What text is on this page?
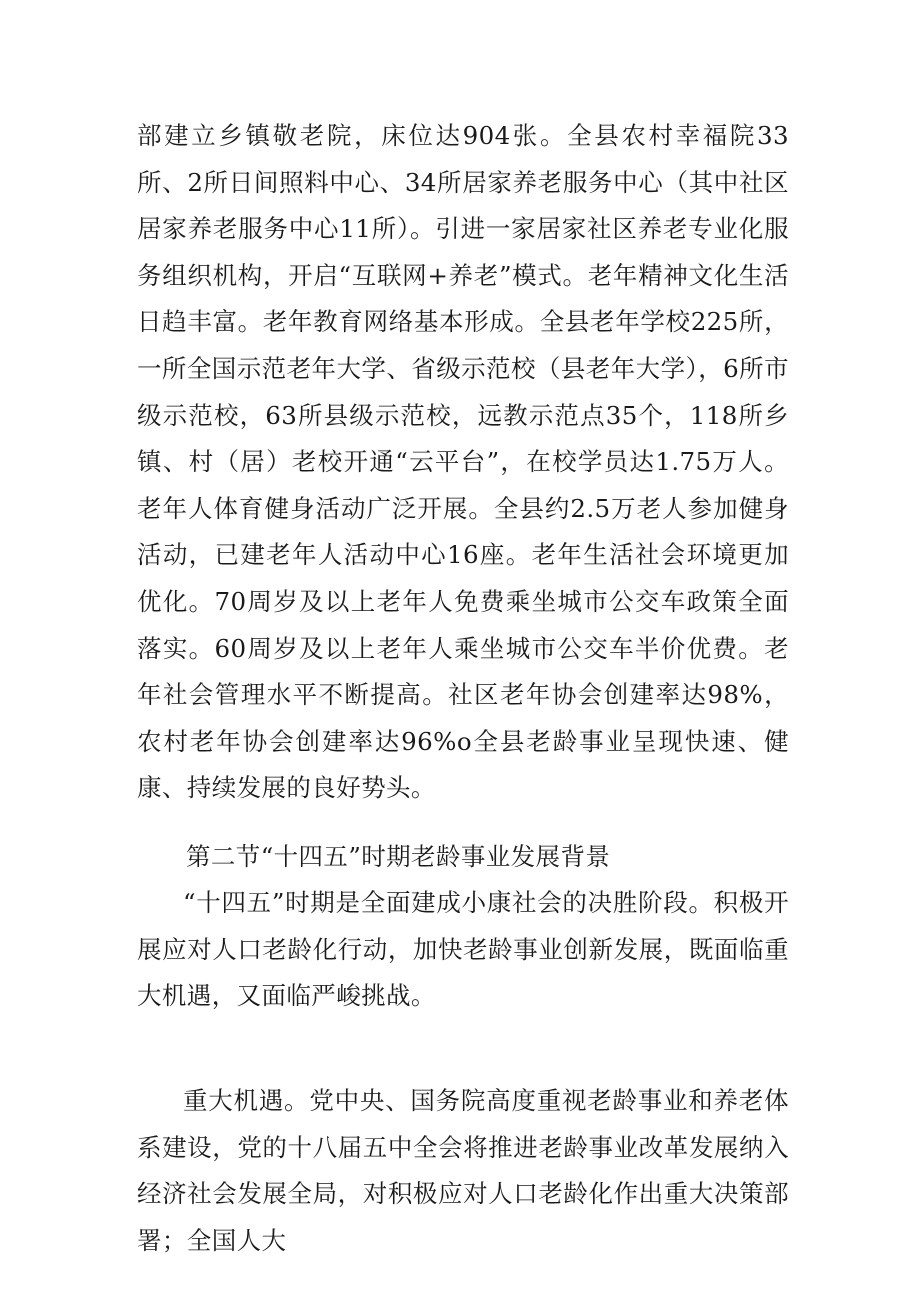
部建立乡镇敬老院，床位达904张。全县农村幸福院33所、2所日间照料中心、34所居家养老服务中心（其中社区居家养老服务中心11所）。引进一家居家社区养老专业化服务组织机构，开启“互联网+养老”模式。老年精神文化生活日趋丰富。老年教育网络基本形成。全县老年学校225所，一所全国示范老年大学、省级示范校（县老年大学），6所市级示范校，63所县级示范校，远教示范点35个，118所乡镇、村（居）老校开通“云平台”，在校学员达1.75万人。老年人体育健身活动广泛开展。全县约2.5万老人参加健身活动，已建老年人活动中心16座。老年生活社会环境更加优化。70周岁及以上老年人免费乘坐城市公交车政策全面落实。60周岁及以上老年人乘坐城市公交车半价优费。老年社会管理水平不断提高。社区老年协会创建率达98%，农村老年协会创建率达96%o全县老龄事业呈现快速、健康、持续发展的良好势头。

第二节“十四五”时期老龄事业发展背景

“十四五”时期是全面建成小康社会的决胜阶段。积极开展应对人口老龄化行动，加快老龄事业创新发展，既面临重大机遇，又面临严峻挑战。

重大机遇。党中央、国务院高度重视老龄事业和养老体系建设，党的十八届五中全会将推进老龄事业改革发展纳入经济社会发展全局，对积极应对人口老龄化作出重大决策部署；全国人大
